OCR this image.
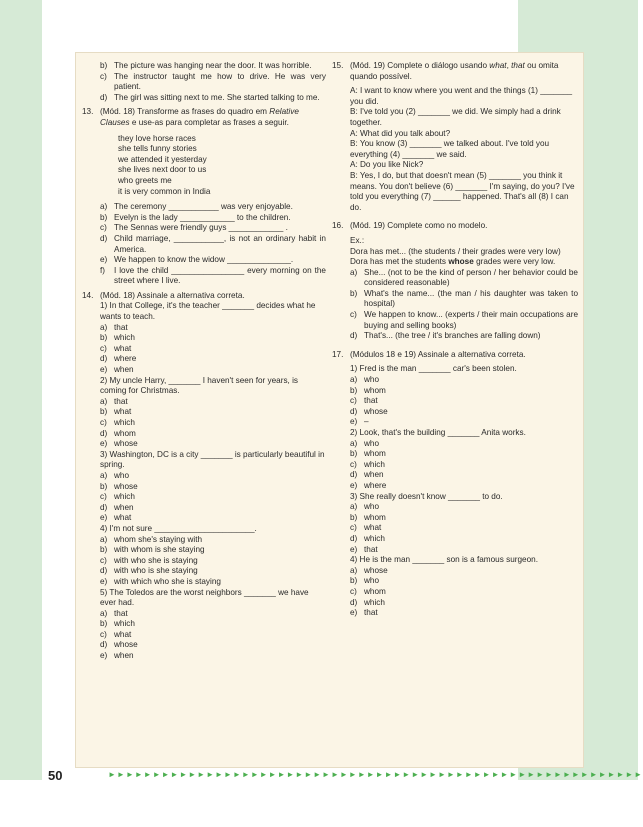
b) The picture was hanging near the door. It was horrible.
c) The instructor taught me how to drive. He was very patient.
d) The girl was sitting next to me. She started talking to me.
13. (Mód. 18) Transforme as frases do quadro em Relative Clauses e use-as para completar as frases a seguir.
they love horse races
she tells funny stories
we attended it yesterday
she lives next door to us
who greets me
it is very common in India
a) The ceremony ___________ was very enjoyable.
b) Evelyn is the lady ____________ to the children.
c) The Sennas were friendly guys ____________ .
d) Child marriage, ___________, is not an ordinary habit in America.
e) We happen to know the widow ______________.
f)	I love the child ________________ every morning on the street where I live.
14. (Mód. 18) Assinale a alternativa correta.
1) In that College, it's the teacher _______ decides what he wants to teach.
a) that
b) which
c) what
d) where
e) when
2) My uncle Harry, _______ I haven't seen for years, is coming for Christmas.
a) that
b) what
c) which
d) whom
e) whose
3) Washington, DC is a city _______ is particularly beautiful in spring.
a) who
b) whose
c) which
d) when
e) what
4) I'm not sure ______________________.
a) whom she's staying with
b) with whom is she staying
c) with who she is staying
d) with who is she staying
e) with which who she is staying
5) The Toledos are the worst neighbors _______ we have ever had.
a) that
b) which
c) what
d) whose
e) when
15. (Mód. 19) Complete o diálogo usando what, that ou omita quando possível.
A: I want to know where you went and the things (1) _______ you did.
B: I've told you (2) _______ we did. We simply had a drink together.
A: What did you talk about?
B: You know (3) _______ we talked about. I've told you everything (4) _______ we said.
A: Do you like Nick?
B: Yes, I do, but that doesn't mean (5) _______ you think it means. You don't believe (6) _______ I'm saying, do you? I've told you everything (7) ______ happened. That's all (8) I can do.
16. (Mód. 19) Complete como no modelo.
Ex.:
Dora has met... (the students / their grades were very low)
Dora has met the students whose grades were very low.
a) She... (not to be the kind of person / her behavior could be considered reasonable)
b) What's the name... (the man / his daughter was taken to hospital)
c) We happen to know... (experts / their main occupations are buying and selling books)
d) That's... (the tree / it's branches are falling down)
17. (Módulos 18 e 19) Assinale a alternativa correta.
1) Fred is the man _______ car's been stolen.
a) who
b) whom
c) that
d) whose
e) –
2) Look, that's the building _______ Anita works.
a) who
b) whom
c) which
d) when
e) where
3) She really doesn't know _______ to do.
a) who
b) whom
c) what
d) which
e) that
4) He is the man _______ son is a famous surgeon.
a) whose
b) who
c) whom
d) which
e) that
50	►►►►►►►►►►►►►►►►►►►►►►►►►►►►►►►►►►►►►►►►►►►►►►►►►►►►►►►►►►►►
